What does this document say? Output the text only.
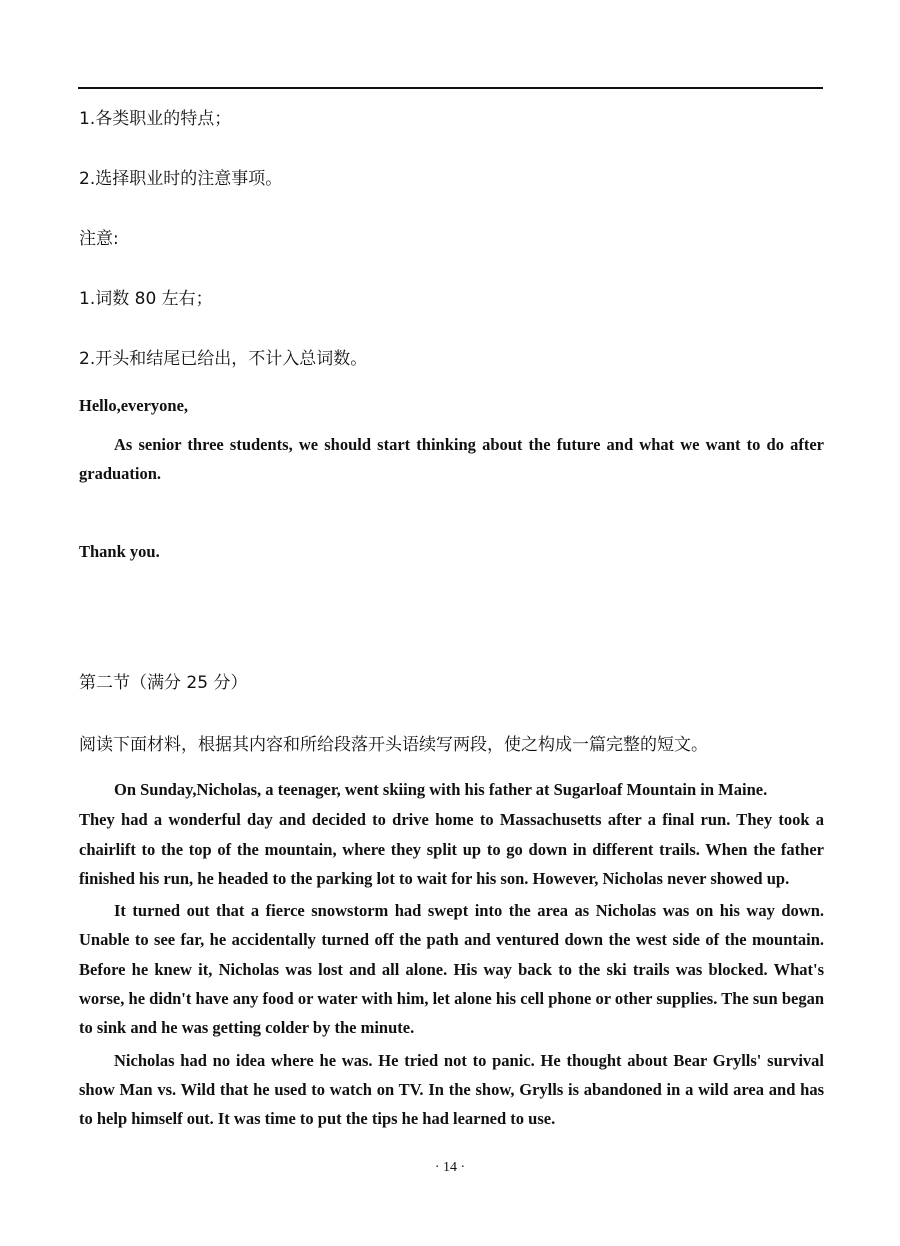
1.各类职业的特点；
2.选择职业时的注意事项。
注意:
1.词数 80 左右；
2.开头和结尾已给出，不计入总词数。
Hello,everyone,

As senior three students, we should start thinking about the future and what we want to do after graduation.

Thank you.
第二节（满分 25 分）
阅读下面材料，根据其内容和所给段落开头语续写两段，使之构成一篇完整的短文。

On Sunday,Nicholas, a teenager, went skiing with his father at Sugarloaf Mountain in Maine.

They had a wonderful day and decided to drive home to Massachusetts after a final run. They took a chairlift to the top of the mountain, where they split up to go down in different trails. When the father finished his run, he headed to the parking lot to wait for his son. However, Nicholas never showed up.

It turned out that a fierce snowstorm had swept into the area as Nicholas was on his way down. Unable to see far, he accidentally turned off the path and ventured down the west side of the mountain. Before he knew it, Nicholas was lost and all alone. His way back to the ski trails was blocked. What's worse, he didn't have any food or water with him, let alone his cell phone or other supplies. The sun began to sink and he was getting colder by the minute.

Nicholas had no idea where he was. He tried not to panic. He thought about Bear Grylls' survival show Man vs. Wild that he used to watch on TV. In the show, Grylls is abandoned in a wild area and has to help himself out. It was time to put the tips he had learned to use.

· 14 ·
